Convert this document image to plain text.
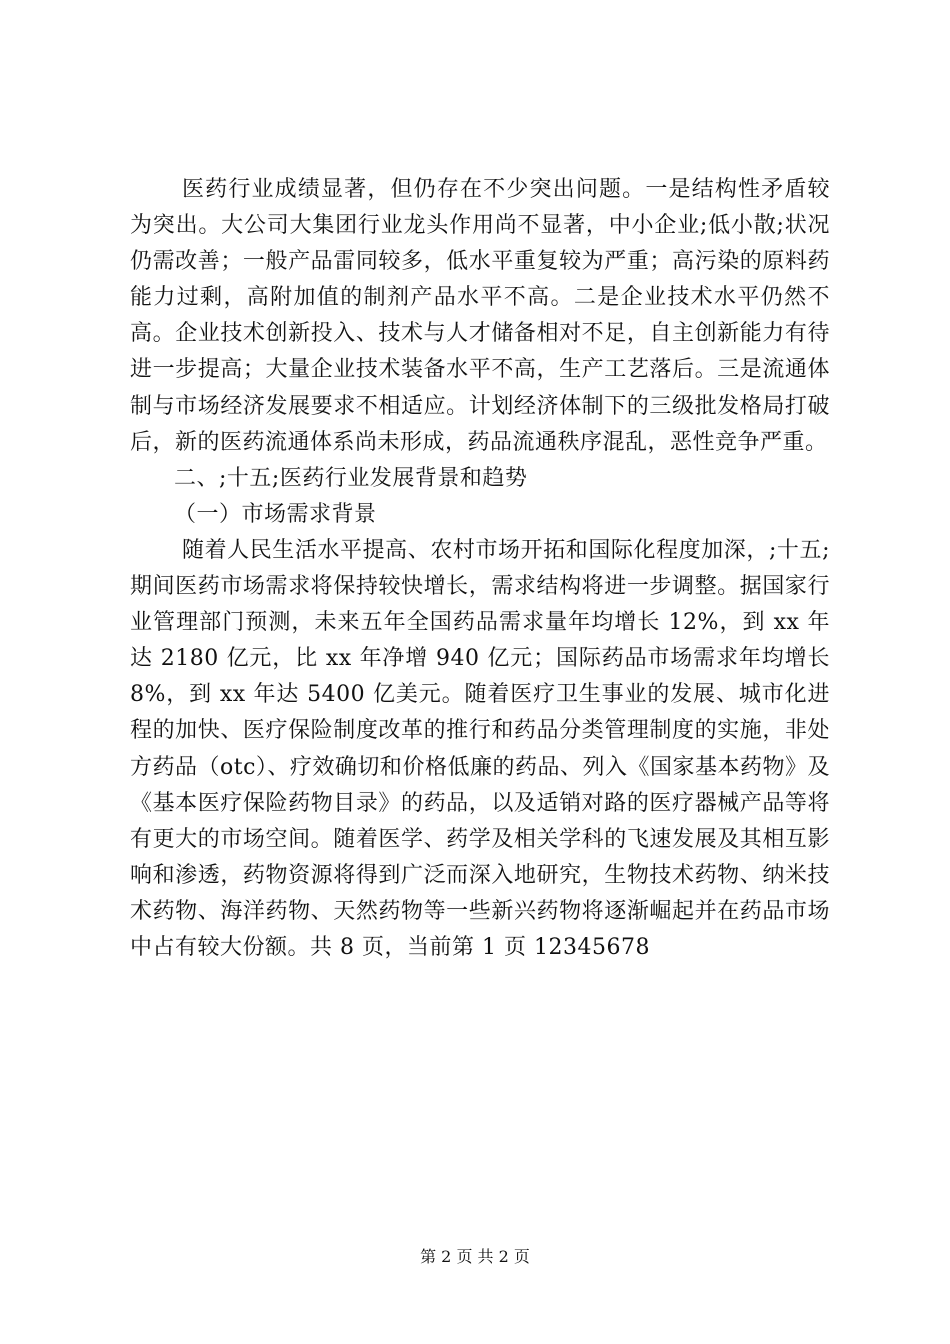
医药行业成绩显著，但仍存在不少突出问题。一是结构性矛盾较为突出。大公司大集团行业龙头作用尚不显著，中小企业;低小散;状况仍需改善；一般产品雷同较多，低水平重复较为严重；高污染的原料药能力过剩，高附加值的制剂产品水平不高。二是企业技术水平仍然不高。企业技术创新投入、技术与人才储备相对不足，自主创新能力有待进一步提高；大量企业技术装备水平不高，生产工艺落后。三是流通体制与市场经济发展要求不相适应。计划经济体制下的三级批发格局打破后，新的医药流通体系尚未形成，药品流通秩序混乱，恶性竞争严重。

二、;十五;医药行业发展背景和趋势

（一）市场需求背景

随着人民生活水平提高、农村市场开拓和国际化程度加深，;十五;期间医药市场需求将保持较快增长，需求结构将进一步调整。据国家行业管理部门预测，未来五年全国药品需求量年均增长 12%，到 xx 年达 2180 亿元，比 xx 年净增 940 亿元；国际药品市场需求年均增长 8%，到 xx 年达 5400 亿美元。随着医疗卫生事业的发展、城市化进程的加快、医疗保险制度改革的推行和药品分类管理制度的实施，非处方药品（otc）、疗效确切和价格低廉的药品、列入《国家基本药物》及《基本医疗保险药物目录》的药品，以及适销对路的医疗器械产品等将有更大的市场空间。随着医学、药学及相关学科的飞速发展及其相互影响和渗透，药物资源将得到广泛而深入地研究，生物技术药物、纳米技术药物、海洋药物、天然药物等一些新兴药物将逐渐崛起并在药品市场中占有较大份额。共 8 页，当前第 1 页 12345678

第 2 页 共 2 页
